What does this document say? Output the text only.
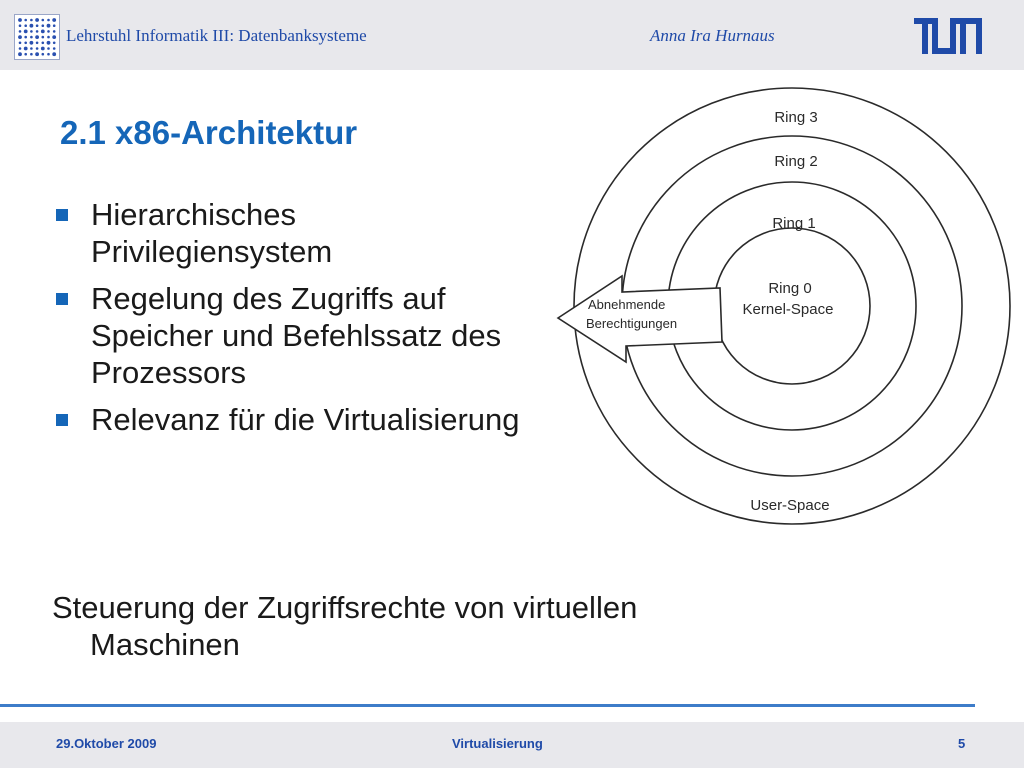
Lehrstuhl Informatik III: Datenbanksysteme	Anna Ira Hurnaus
2.1 x86-Architektur
Hierarchisches Privilegiensystem
Regelung des Zugriffs auf Speicher und Befehlssatz des Prozessors
Relevanz für die Virtualisierung
Steuerung der Zugriffsrechte von virtuellen Maschinen
Ring 3
Ring 2
Ring 1
Ring 0
Kernel-Space
User-Space
Abnehmende
Berechtigungen
29.Oktober 2009	Virtualisierung	5
